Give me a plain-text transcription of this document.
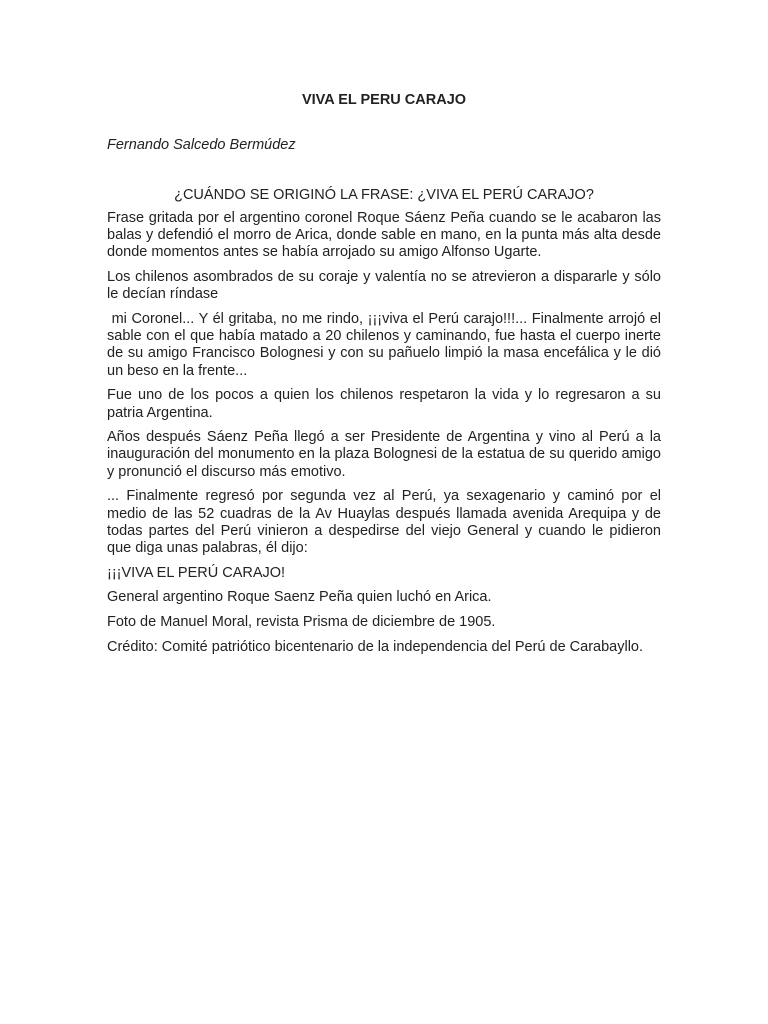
VIVA EL PERU CARAJO

Fernando Salcedo Bermúdez

¿CUÁNDO SE ORIGINÓ LA FRASE: ¿VIVA EL PERÚ CARAJO?

Frase gritada por el argentino coronel Roque Sáenz Peña cuando se le acabaron las balas y defendió el morro de Arica, donde sable en mano, en la punta más alta desde donde momentos antes se había arrojado su amigo Alfonso Ugarte.

Los chilenos asombrados de su coraje y valentía no se atrevieron a dispararle y sólo le decían ríndase

mi Coronel... Y él gritaba, no me rindo, ¡¡¡viva el Perú carajo!!!... Finalmente arrojó el sable con el que había matado a 20 chilenos y caminando, fue hasta el cuerpo inerte de su amigo Francisco Bolognesi y con su pañuelo limpió la masa encefálica y le dió un beso en la frente...

Fue uno de los pocos a quien los chilenos respetaron la vida y lo regresaron a su patria Argentina.

Años después Sáenz Peña llegó a ser Presidente de Argentina y vino al Perú a la inauguración del monumento en la plaza Bolognesi de la estatua de su querido amigo y pronunció el discurso más emotivo.

... Finalmente regresó por segunda vez al Perú, ya sexagenario y caminó por el medio de las 52 cuadras de la Av Huaylas después llamada avenida Arequipa y de todas partes del Perú vinieron a despedirse del viejo General y cuando le pidieron que diga unas palabras, él dijo:

¡¡¡VIVA EL PERÚ CARAJO!

General argentino Roque Saenz Peña quien luchó en Arica.

Foto de Manuel Moral, revista Prisma de diciembre de 1905.

Crédito: Comité patriótico bicentenario de la independencia del Perú de Carabayllo.
